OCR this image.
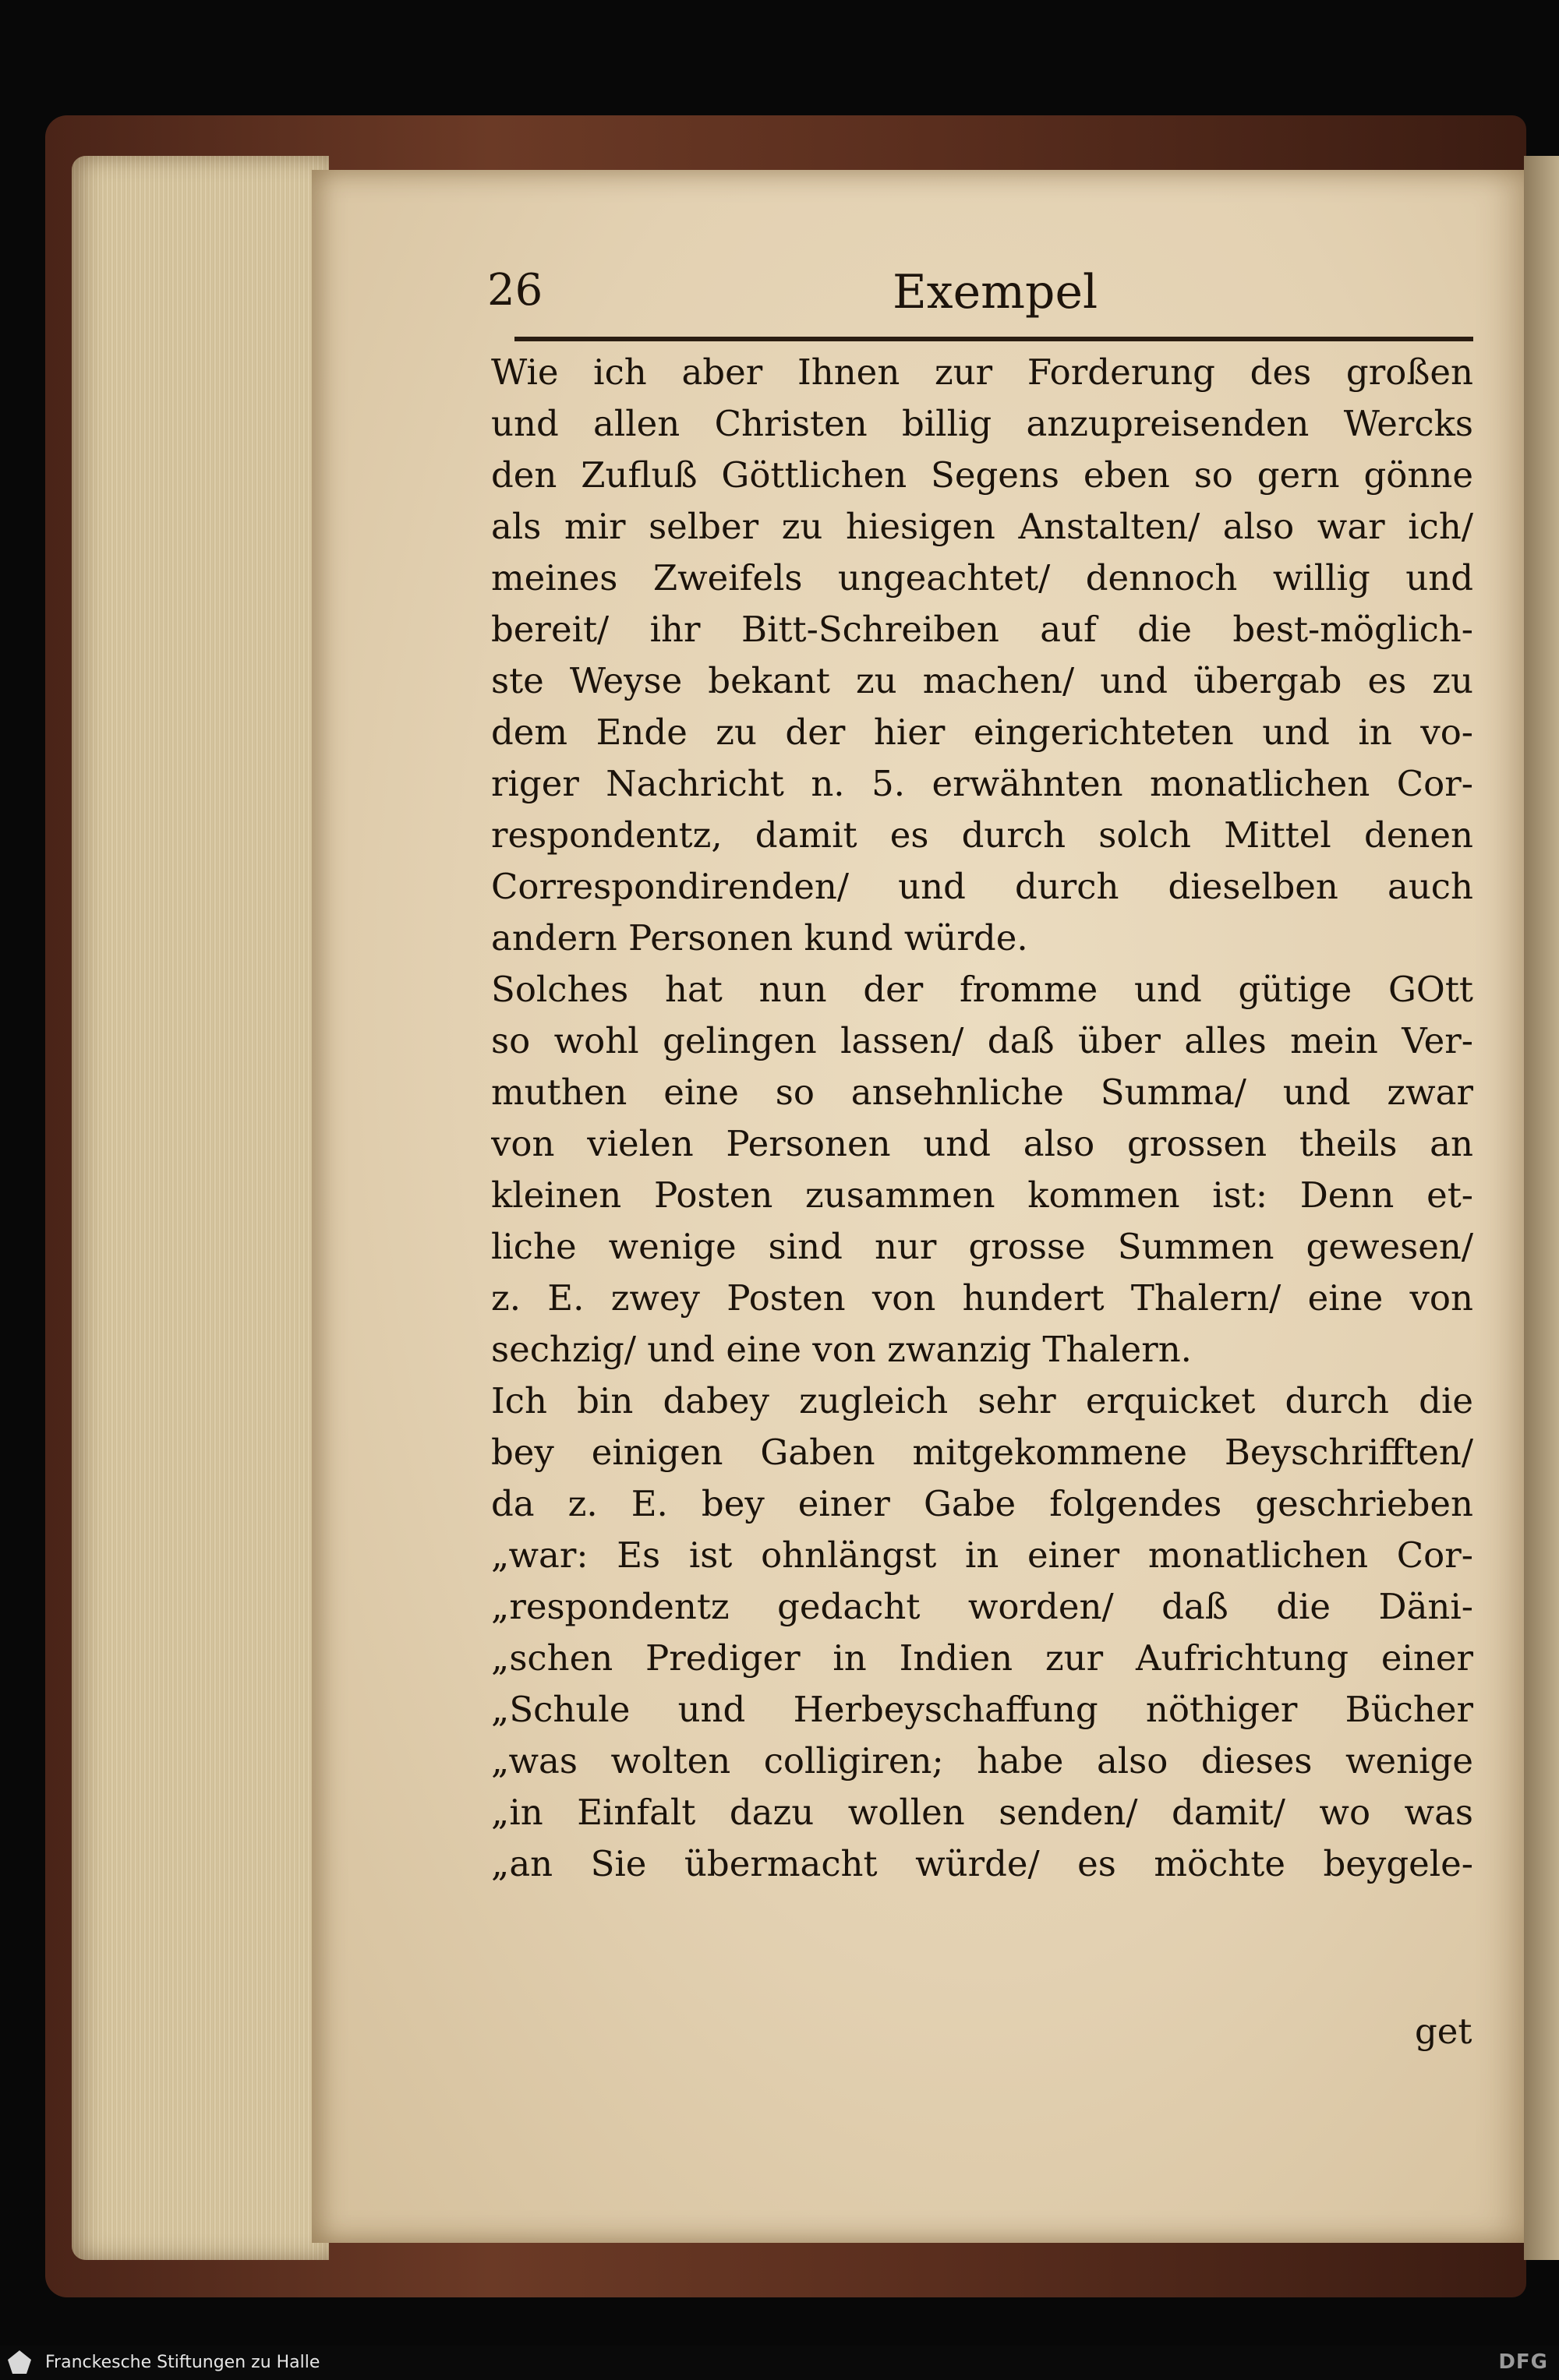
26	Exempel
Wie ich aber Ihnen zur Forderung des großen
und allen Christen billig anzupreisenden Wercks
den Zufluß Göttlichen Segens eben so gern gönne
als mir selber zu hiesigen Anstalten/ also war ich/
meines Zweifels ungeachtet/ dennoch willig und
bereit/ ihr Bitt-Schreiben auf die best-möglich-
ste Weyse bekant zu machen/ und übergab es zu
dem Ende zu der hier eingerichteten und in vo-
riger Nachricht n. 5. erwähnten monatlichen Cor-
respondentz, damit es durch solch Mittel denen
Correspondirenden/ und durch dieselben auch
andern Personen kund würde.
Solches hat nun der fromme und gütige GOtt
so wohl gelingen lassen/ daß über alles mein Ver-
muthen eine so ansehnliche Summa/ und zwar
von vielen Personen und also grossen theils an
kleinen Posten zusammen kommen ist: Denn et-
liche wenige sind nur grosse Summen gewesen/
z. E. zwey Posten von hundert Thalern/ eine von
sechzig/ und eine von zwanzig Thalern.
Ich bin dabey zugleich sehr erquicket durch die
bey einigen Gaben mitgekommene Beyschrifften/
da z. E. bey einer Gabe folgendes geschrieben
„war: Es ist ohnlängst in einer monatlichen Cor-
„respondentz gedacht worden/ daß die Däni-
„schen Prediger in Indien zur Aufrichtung einer
„Schule und Herbeyschaffung nöthiger Bücher
„was wolten colligiren; habe also dieses wenige
„in Einfalt dazu wollen senden/ damit/ wo was
„an Sie übermacht würde/ es möchte beygele-
get
Franckesche Stiftungen zu Halle	DFG
